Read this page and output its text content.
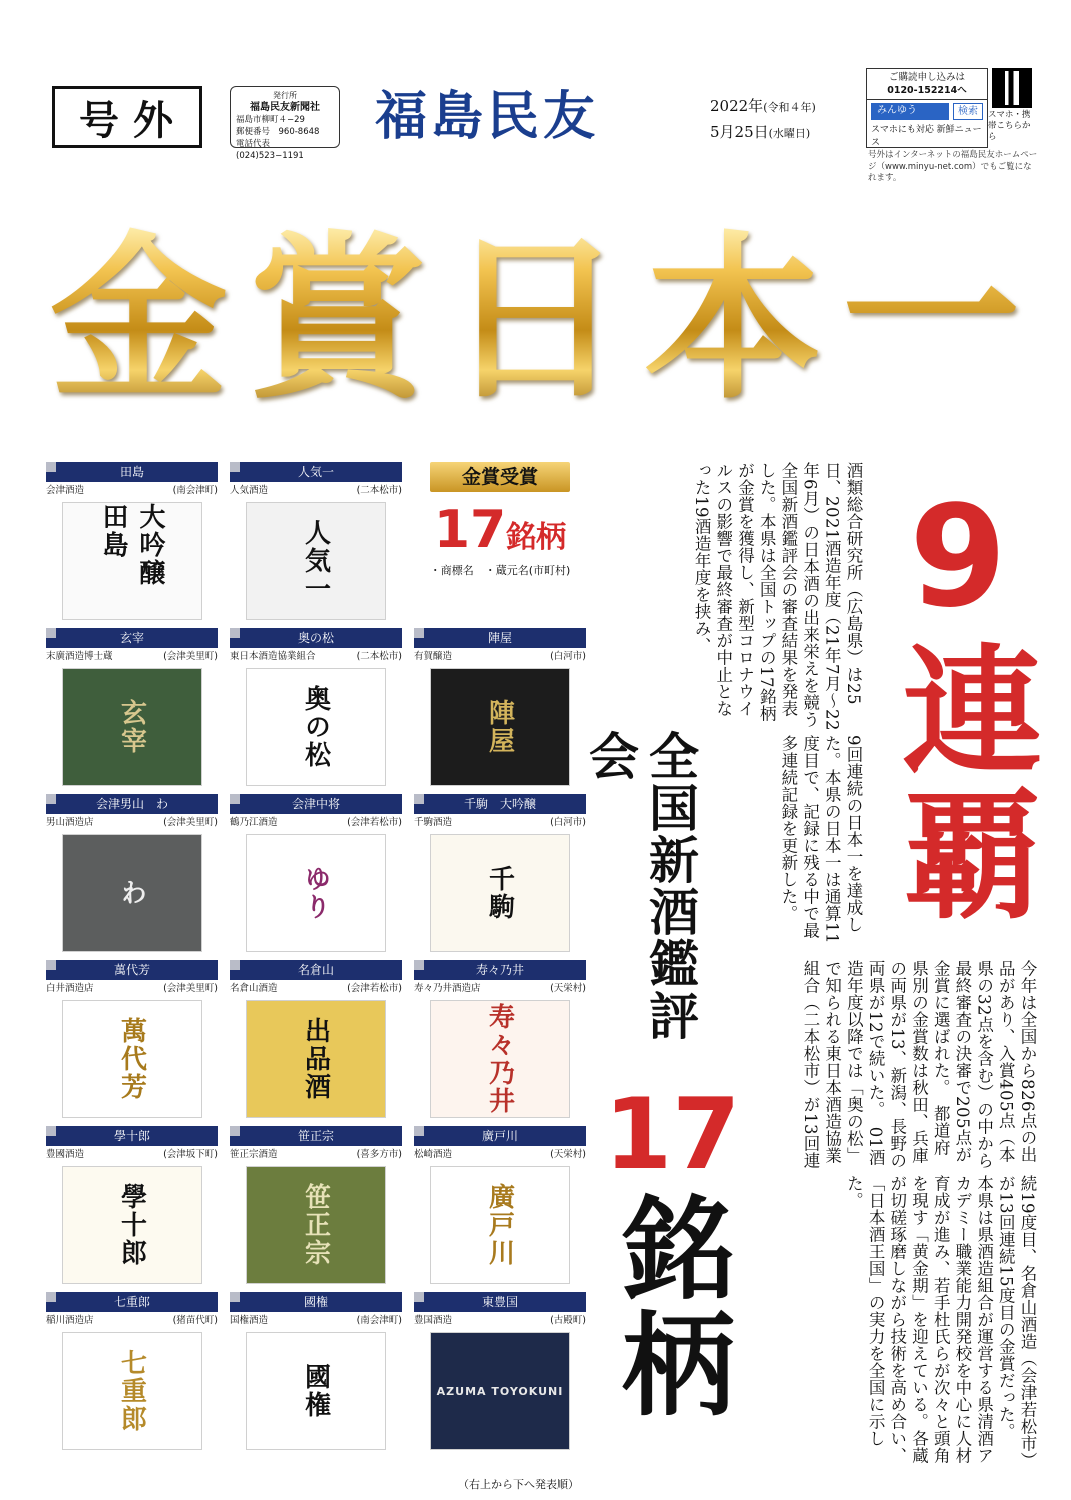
号外
発行所
福島民友新聞社
福島市柳町４−29
郵便番号　960-8648
電話代表(024)523−1191
福島民友	2022年(令和４年)
5月25日(水曜日)
ご購読申し込みは
0120-152214へ
みんゆう	検索
スマホにも対応 新鮮ニュース
スマホ・携帯こちらから
号外はインターネットの福島民友ホームページ（www.minyu-net.com）でもご覧になれます。
金 賞 日 本 一
田島
会津酒造	(南会津町)
大吟醸 田島
人気一
人気酒造	(二本松市)
人気一
金賞受賞
17銘柄
・商標名　・蔵元名(市町村)
玄宰
末廣酒造博士蔵	(会津美里町)
玄宰
奥の松
東日本酒造協業組合	(二本松市)
奥の松
陣屋
有賀醸造	(白河市)
陣屋
会津男山　わ
男山酒造店	(会津美里町)
わ
会津中将
鶴乃江酒造	(会津若松市)
ゆり
千駒　大吟醸
千駒酒造	(白河市)
千駒
萬代芳
白井酒造店	(会津美里町)
萬代芳
名倉山
名倉山酒造	(会津若松市)
出品酒
寿々乃井
寿々乃井酒造店	(天栄村)
寿々乃井
學十郎
豊國酒造	(会津坂下町)
學十郎
笹正宗
笹正宗酒造	(喜多方市)
笹正宗
廣戸川
松崎酒造	(天栄村)
廣戸川
七重郎
稲川酒造店	(猪苗代町)
七重郎
國権
国権酒造	(南会津町)
國権
東豊国
豊国酒造	(古殿町)
AZUMA TOYOKUNI
（右上から下へ発表順）
9連覇
全国新酒鑑評会
17
銘柄
酒類総合研究所（広島県）は25日、2021酒造年度（21年7月〜22年6月）の日本酒の出来栄えを競う全国新酒鑑評会の審査結果を発表した。本県は全国トップの17銘柄が金賞を獲得し、新型コロナウイルスの影響で最終審査が中止となった19酒造年度を挟み、
9回連続の日本一を達成した。本県の日本一は通算11度目で、記録に残る中で最多連続記録を更新した。
今年は全国から826点の出品があり、入賞405点（本県の32点を含む）の中から最終審査の決審で205点が金賞に選ばれた。　都道府県別の金賞数は秋田、兵庫の両県が13、新潟、長野の両県が12で続いた。　01酒造年度以降では「奥の松」で知られる東日本酒造協業組合（二本松市）が13回連
続19度目、名倉山酒造（会津若松市）が13回連続15度目の金賞だった。　本県は県酒造組合が運営する県清酒アカデミー職業能力開発校を中心に人材育成が進み、若手杜氏らが次々と頭角を現す「黄金期」を迎えている。各蔵が切磋琢磨しながら技術を高め合い、「日本酒王国」の実力を全国に示した。
